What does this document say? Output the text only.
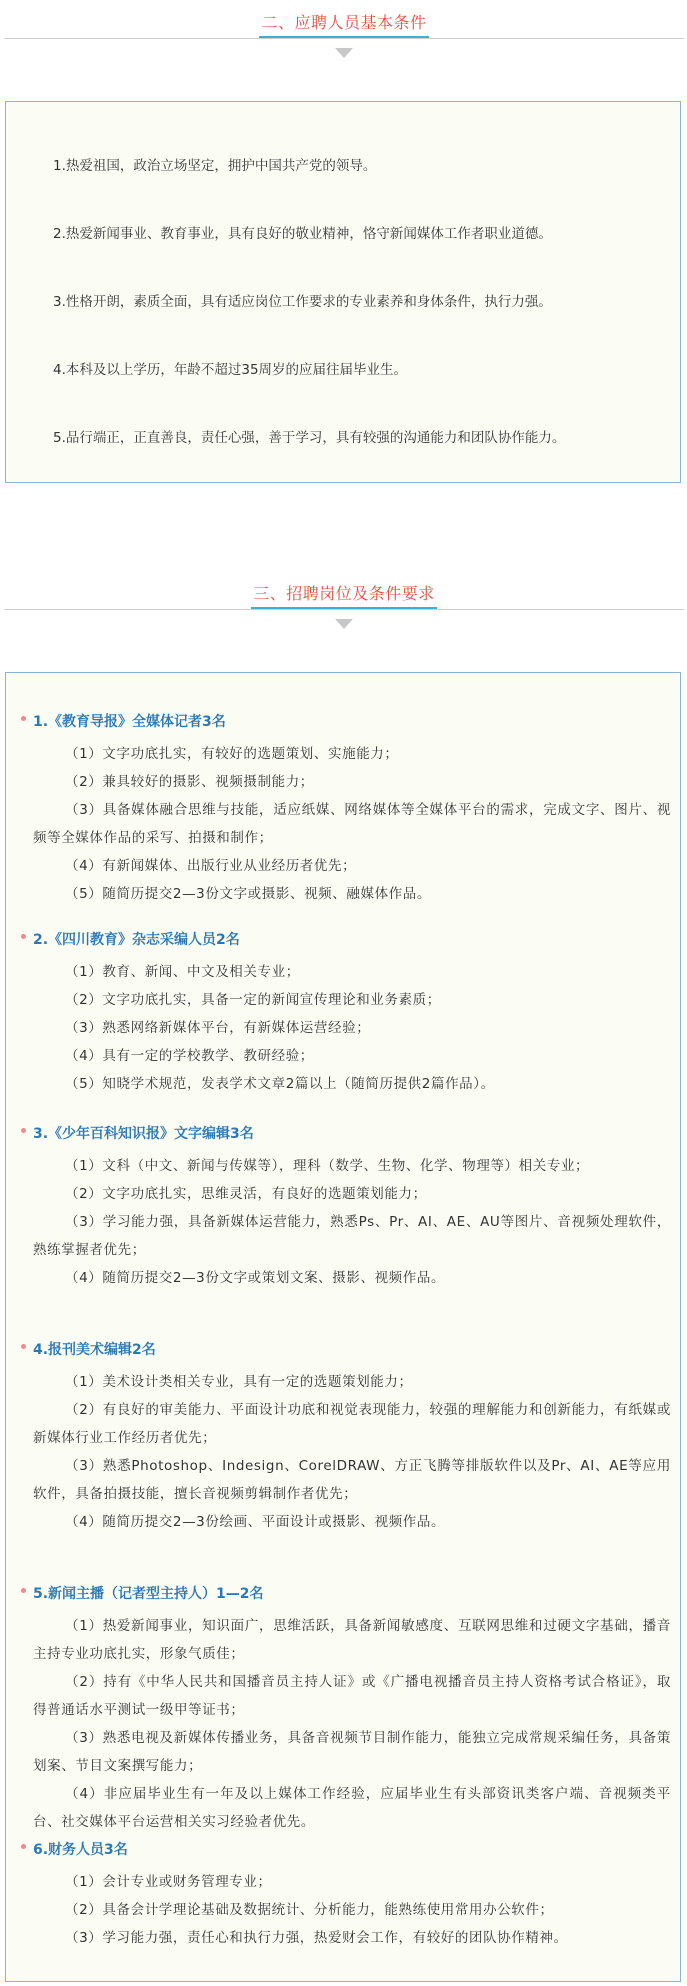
二、应聘人员基本条件
1.热爱祖国，政治立场坚定，拥护中国共产党的领导。
2.热爱新闻事业、教育事业，具有良好的敬业精神，恪守新闻媒体工作者职业道德。
3.性格开朗，素质全面，具有适应岗位工作要求的专业素养和身体条件，执行力强。
4.本科及以上学历，年龄不超过35周岁的应届往届毕业生。
5.品行端正，正直善良，责任心强，善于学习，具有较强的沟通能力和团队协作能力。
三、招聘岗位及条件要求
1.《教育导报》全媒体记者3名
（1）文字功底扎实，有较好的选题策划、实施能力；
（2）兼具较好的摄影、视频摄制能力；
（3）具备媒体融合思维与技能，适应纸媒、网络媒体等全媒体平台的需求，完成文字、图片、视频等全媒体作品的采写、拍摄和制作；
（4）有新闻媒体、出版行业从业经历者优先；
（5）随简历提交2—3份文字或摄影、视频、融媒体作品。
2.《四川教育》杂志采编人员2名
（1）教育、新闻、中文及相关专业；
（2）文字功底扎实，具备一定的新闻宣传理论和业务素质；
（3）熟悉网络新媒体平台，有新媒体运营经验；
（4）具有一定的学校教学、教研经验；
（5）知晓学术规范，发表学术文章2篇以上（随简历提供2篇作品）。
3.《少年百科知识报》文字编辑3名
（1）文科（中文、新闻与传媒等），理科（数学、生物、化学、物理等）相关专业；
（2）文字功底扎实，思维灵活，有良好的选题策划能力；
（3）学习能力强，具备新媒体运营能力，熟悉Ps、Pr、AI、AE、AU等图片、音视频处理软件，熟练掌握者优先；
（4）随简历提交2—3份文字或策划文案、摄影、视频作品。
4.报刊美术编辑2名
（1）美术设计类相关专业，具有一定的选题策划能力；
（2）有良好的审美能力、平面设计功底和视觉表现能力，较强的理解能力和创新能力，有纸媒或新媒体行业工作经历者优先；
（3）熟悉Photoshop、Indesign、CorelDRAW、方正飞腾等排版软件以及Pr、AI、AE等应用软件，具备拍摄技能，擅长音视频剪辑制作者优先；
（4）随简历提交2—3份绘画、平面设计或摄影、视频作品。
5.新闻主播（记者型主持人）1—2名
（1）热爱新闻事业，知识面广，思维活跃，具备新闻敏感度、互联网思维和过硬文字基础，播音主持专业功底扎实，形象气质佳；
（2）持有《中华人民共和国播音员主持人证》或《广播电视播音员主持人资格考试合格证》，取得普通话水平测试一级甲等证书；
（3）熟悉电视及新媒体传播业务，具备音视频节目制作能力，能独立完成常规采编任务，具备策划案、节目文案撰写能力；
（4）非应届毕业生有一年及以上媒体工作经验，应届毕业生有头部资讯类客户端、音视频类平台、社交媒体平台运营相关实习经验者优先。
6.财务人员3名
（1）会计专业或财务管理专业；
（2）具备会计学理论基础及数据统计、分析能力，能熟练使用常用办公软件；
（3）学习能力强，责任心和执行力强，热爱财会工作，有较好的团队协作精神。
